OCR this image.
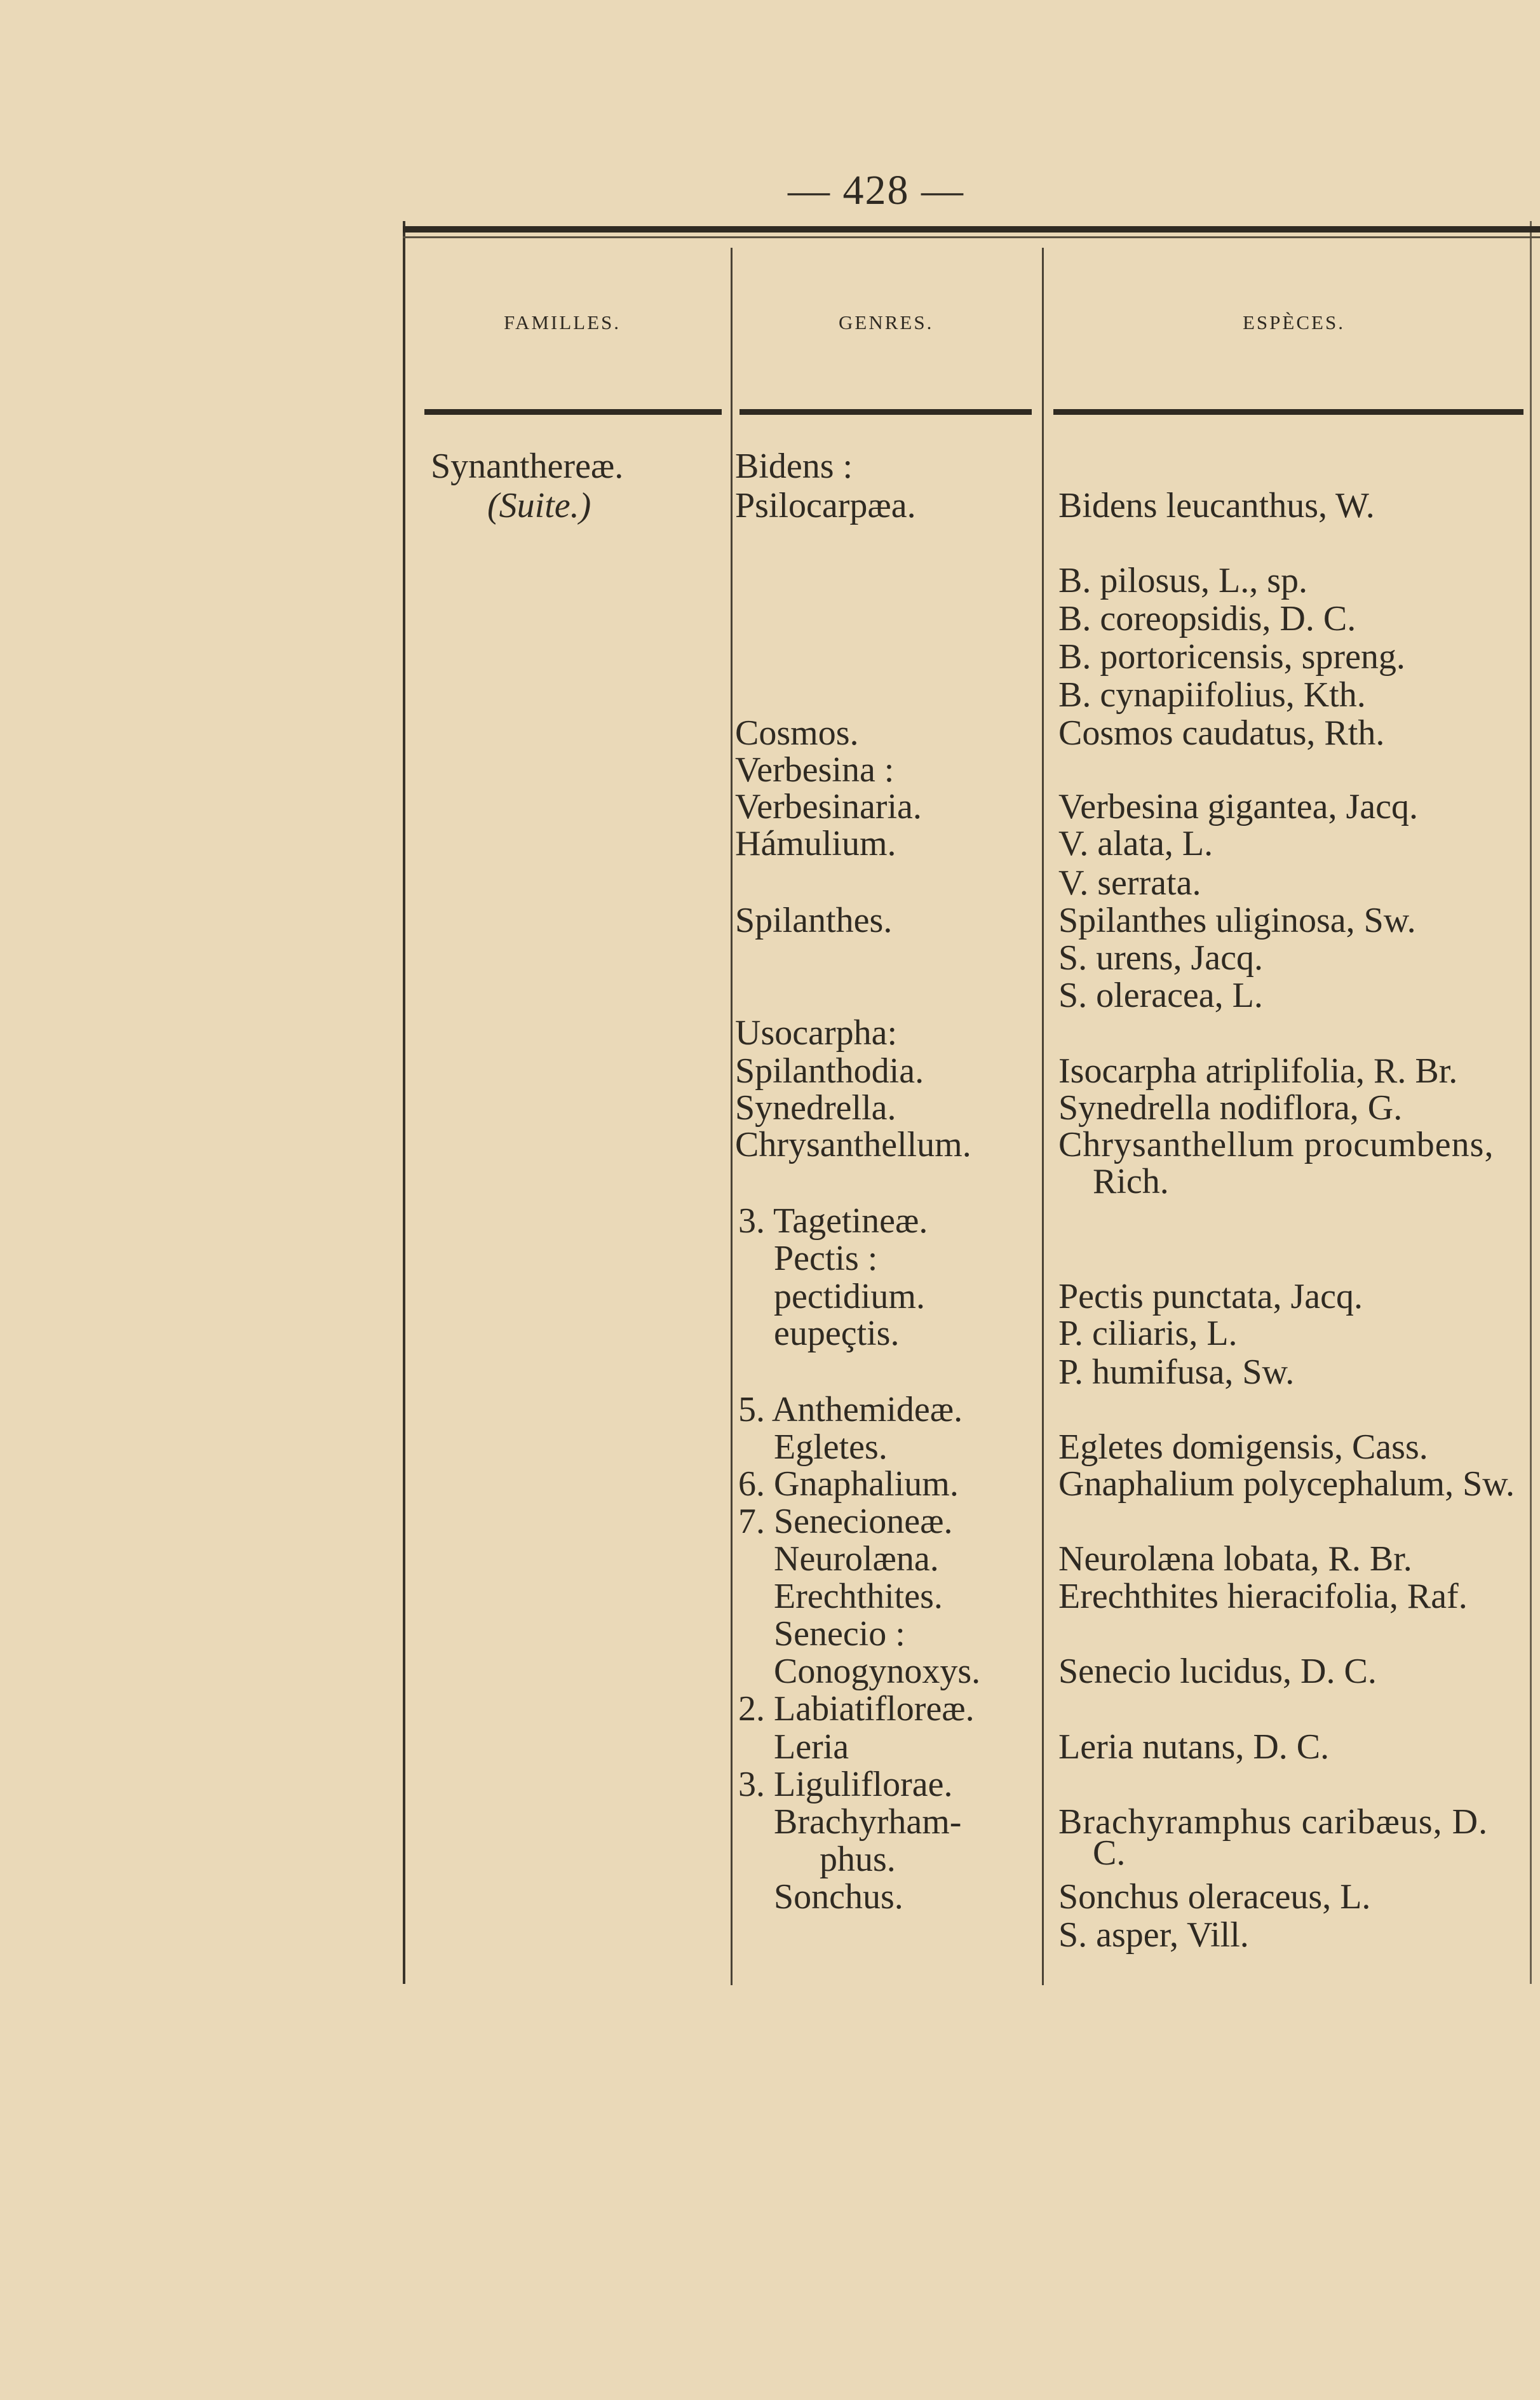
— 428 —
FAMILLES.	GENRES.	ESPÈCES.
Synanthereæ.
(Suite.)
Bidens :
Psilocarpæa.
Cosmos.
Verbesina :
Verbesinaria.
Hámulium.
Spilanthes.
Usocarpha:
Spilanthodia.
Synedrella.
Chrysanthellum.
3. Tagetineæ.
Pectis :
pectidium.
eupeçtis.
5. Anthemideæ.
Egletes.
6. Gnaphalium.
7. Senecioneæ.
Neurolæna.
Erechthites.
Senecio :
Conogynoxys.
2. Labiatifloreæ.
Leria
3. Liguliflorae.
Brachyrham-
phus.
Sonchus.
Bidens leucanthus, W.
B. pilosus, L., sp.
B. coreopsidis, D. C.
B. portoricensis, spreng.
B. cynapiifolius, Kth.
Cosmos caudatus, Rth.
Verbesina gigantea, Jacq.
V. alata, L.
V. serrata.
Spilanthes uliginosa, Sw.
S. urens, Jacq.
S. oleracea, L.
Isocarpha atriplifolia, R. Br.
Synedrella nodiflora, G.
Chrysanthellum procumbens,
Rich.
Pectis punctata, Jacq.
P. ciliaris, L.
P. humifusa, Sw.
Egletes domigensis, Cass.
Gnaphalium polycephalum, Sw.
Neurolæna lobata, R. Br.
Erechthites hieracifolia, Raf.
Senecio lucidus, D. C.
Leria nutans, D. C.
Brachyramphus caribæus, D.
C.
Sonchus oleraceus, L.
S. asper, Vill.
